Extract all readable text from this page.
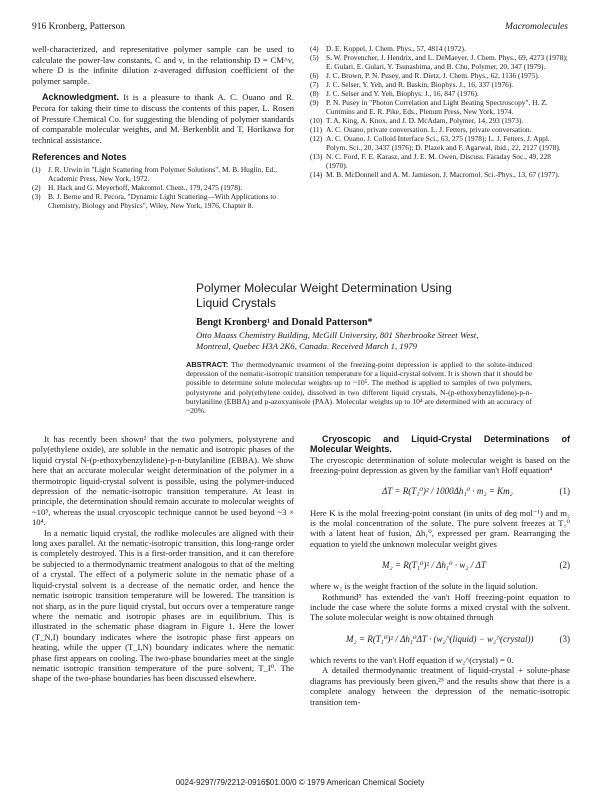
916 Kronberg, Patterson	Macromolecules

well-characterized, and representative polymer sample can be used to calculate the power-law constants, C and ν, in the relationship D = CM^ν, where D is the infinite dilution z-averaged diffusion coefficient of the polymer sample.

Acknowledgment. It is a pleasure to thank A. C. Ouano and R. Pecora for taking their time to discuss the contents of this paper, L. Rosen of Pressure Chemical Co. for suggesting the blending of polymer standards of comparable molecular weights, and M. Berkenblit and T. Horikawa for technical assistance.

References and Notes
(1) J. R. Urwin in "Light Scattering from Polymer Solutions", M. B. Huglin, Ed., Academic Press, New York, 1972.
(2) H. Hack and G. Meyerhoff, Makromol. Chem., 179, 2475 (1978).
(3) B. J. Berne and R. Pecora, "Dynamic Light Scattering—With Applications to Chemistry, Biology and Physics", Wiley, New York, 1976, Chapter 8.
(4) D. E. Koppel, J. Chem. Phys., 57, 4814 (1972).
(5) S. W. Provencher, J. Hendrix, and L. DeMaeyer, J. Chem. Phys., 69, 4273 (1978); E. Gulari, E. Gulari, Y. Tsunashima, and B. Chu, Polymer, 20, 347 (1979).
(6) J. C. Brown, P. N. Pusey, and R. Dietz, J. Chem. Phys., 62, 1136 (1975).
(7) J. C. Selser, Y. Yeh, and R. Baskin, Biophys. J., 16, 337 (1976).
(8) J. C. Selser and Y. Yeh, Biophys. J., 16, 847 (1976).
(9) P. N. Pusey in "Photon Correlation and Light Beating Spectroscopy", H. Z. Cummins and E. R. Pike, Eds., Plenum Press, New York, 1974.
(10) T. A. King, A. Knox, and J. D. McAdam, Polymer, 14, 293 (1973).
(11) A. C. Ouano, private conversation. L. J. Fetters, private conversation.
(12) A. C. Ouano, J. Colloid Interface Sci., 63, 275 (1978); L. J. Fetters, J. Appl. Polym. Sci., 20, 3437 (1976); D. Plazek and F. Agarwal, ibid., 22, 2127 (1978).
(13) N. C. Ford, F. E. Karasz, and J. E. M. Owen, Discuss. Faraday Soc., 49, 228 (1970).
(14) M. B. McDonnell and A. M. Jamieson, J. Macromol. Sci.-Phys., 13, 67 (1977).
Polymer Molecular Weight Determination Using
Liquid Crystals
Bengt Kronberg¹ and Donald Patterson*
Otto Maass Chemistry Building, McGill University, 801 Sherbrooke Street West,
Montreal, Quebec H3A 2K6, Canada. Received March 1, 1979
ABSTRACT: The thermodynamic treatment of the freezing-point depression is applied to the solute-induced depression of the nematic-isotropic transition temperature for a liquid-crystal solvent. It is shown that it should be possible to determine solute molecular weights up to ~10⁵. The method is applied to samples of two polymers, polystyrene and poly(ethylene oxide), dissolved in two different liquid crystals, N-(p-ethoxybenzylidene)-p-n-butylaniline (EBBA) and p-azoxyanisole (PAA). Molecular weights up to 10⁴ are determined with an accuracy of ~20%.

It has recently been shown² that the two polymers, polystyrene and poly(ethylene oxide), are soluble in the nematic and isotropic phases of the liquid crystal N-(p-ethoxybenzylidene)-p-n-butylaniline (EBBA). We show here that an accurate molecular weight determination of the polymer in a thermotropic liquid-crystal solvent is possible, using the polymer-induced depression of the nematic-isotropic transition temperature. At least in principle, the determination should remain accurate to molecular weights of ~10⁵, whereas the usual cryoscopic technique cannot be used beyond ~3 × 10⁴.

In a nematic liquid crystal, the rodlike molecules are aligned with their long axes parallel. At the nematic-isotropic transition, this long-range order is completely destroyed. This is a first-order transition, and it can therefore be subjected to a thermodynamic treatment analogous to that of the melting of a crystal. The effect of a polymeric solute in the nematic phase of a liquid-crystal solvent is a decrease of the nematic order, and hence the nematic isotropic transition temperature will be lowered. The transition is not sharp, as in the pure liquid crystal, but occurs over a temperature range where the nematic and isotropic phases are in equilibrium. This is illustrated in the schematic phase diagram in Figure 1. Here the lower (T_N,I) boundary indicates where the isotropic phase first appears on heating, while the upper (T_I,N) boundary indicates where the nematic phase first appears on cooling. The two-phase boundaries meet at the single nematic isotropic transition temperature of the pure solvent, T_I⁰. The shape of the two-phase boundaries has been discussed elsewhere.

Cryoscopic and Liquid-Crystal Determinations of Molecular Weights.

The cryoscopic determination of solute molecular weight is based on the freezing-point depression as given by the familiar van't Hoff equation⁴

ΔT = R(T₁⁰)² / 1000Δh₁⁰ · m₂ = Km₂	(1)

Here K is the molal freezing-point constant (in units of deg mol⁻¹) and m₂ is the molal concentration of the solute. The pure solvent freezes at T₁⁰ with a latent heat of fusion, Δh₁⁰, expressed per gram. Rearranging the equation to yield the unknown molecular weight gives

M₂ = R(T₁⁰)² / Δh₁⁰ · w₂ / ΔT	(2)

where w₂ is the weight fraction of the solute in the liquid solution.

Rothmund⁵ has extended the van't Hoff freezing-point equation to include the case where the solute forms a mixed crystal with the solvent. The solute molecular weight is now obtained through

M₂ = R(T₁⁰)² / Δh₁⁰ΔT · (w₂^(liquid) − w₂^(crystal))	(3)

which reverts to the van't Hoff equation if w₂^(crystal) = 0.

A detailed thermodynamic treatment of liquid-crystal + solute-phase diagrams has previously been given,²⁵ and the results show that there is a complete analogy between the depression of the nematic-isotropic transition tem-

0024-9297/79/2212-0916$01.00/0 © 1979 American Chemical Society
